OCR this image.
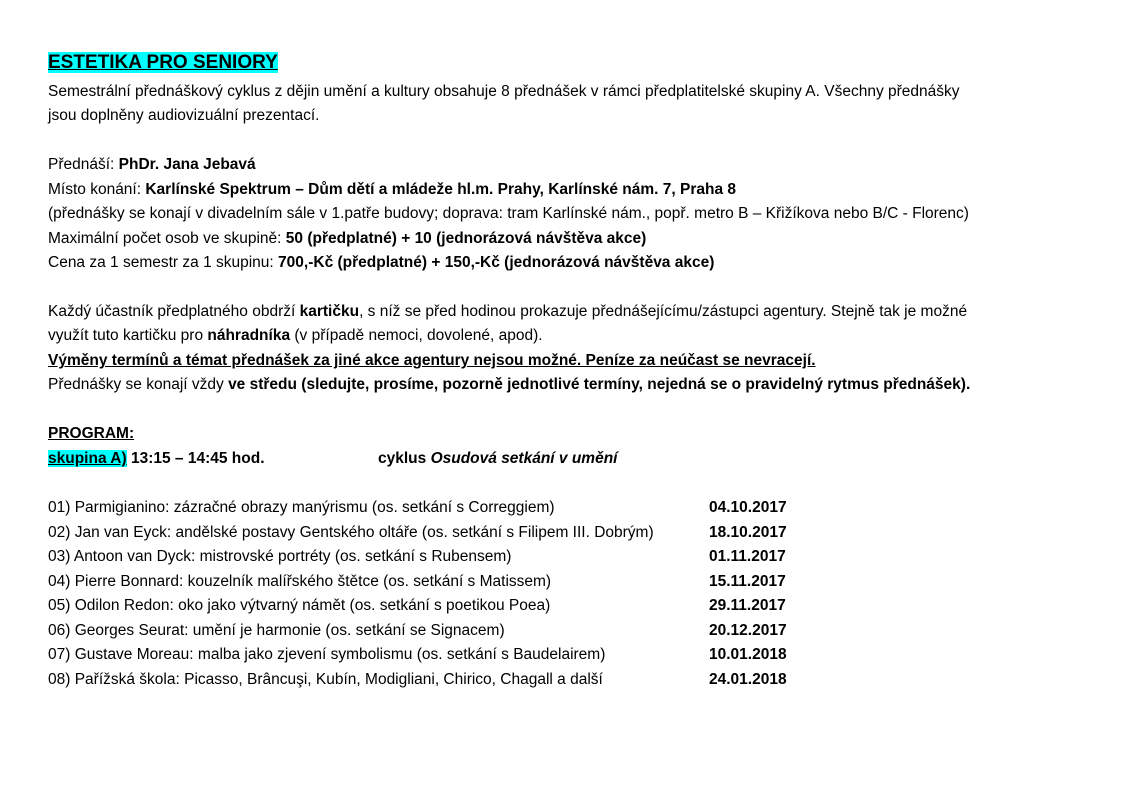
ESTETIKA PRO SENIORY
Semestrální přednáškový cyklus z dějin umění a kultury obsahuje 8 přednášek v rámci předplatitelské skupiny A. Všechny přednášky
jsou doplněny audiovizuální prezentací.
Přednáší: PhDr. Jana Jebavá
Místo konání: Karlínské Spektrum – Dům dětí a mládeže hl.m. Prahy, Karlínské nám. 7, Praha 8
(přednášky se konají v divadelním sále v 1.patře budovy; doprava: tram Karlínské nám., popř. metro B – Křižíkova nebo B/C - Florenc)
Maximální počet osob ve skupině: 50 (předplatné) + 10 (jednorázová návštěva akce)
Cena za 1 semestr za 1 skupinu: 700,-Kč (předplatné) + 150,-Kč (jednorázová návštěva akce)
Každý účastník předplatného obdrží kartičku, s níž se před hodinou prokazuje přednášejícímu/zástupci agentury. Stejně tak je možné
využít tuto kartičku pro náhradníka (v případě nemoci, dovolené, apod).
Výměny termínů a témat přednášek za jiné akce agentury nejsou možné. Peníze za neúčast se nevracejí.
Přednášky se konají vždy ve středu (sledujte, prosíme, pozorně jednotlivé termíny, nejedná se o pravidelný rytmus přednášek).
PROGRAM:
skupina A) 13:15 – 14:45 hod.	cyklus Osudová setkání v umění
01) Parmigianino: zázračné obrazy manýrismu (os. setkání s Correggiem)	04.10.2017
02) Jan van Eyck: andělské postavy Gentského oltáře (os. setkání s Filipem III. Dobrým)	18.10.2017
03) Antoon van Dyck: mistrovské portréty (os. setkání s Rubensem)	01.11.2017
04) Pierre Bonnard: kouzelník malířského štětce (os. setkání s Matissem)	15.11.2017
05) Odilon Redon: oko jako výtvarný námět (os. setkání s poetikou Poea)	29.11.2017
06) Georges Seurat: umění je harmonie (os. setkání se Signacem)	20.12.2017
07) Gustave Moreau: malba jako zjevení symbolismu (os. setkání s Baudelairem)	10.01.2018
08) Pařížská škola: Picasso, Brâncuşi, Kubín, Modigliani, Chirico, Chagall a další	24.01.2018
